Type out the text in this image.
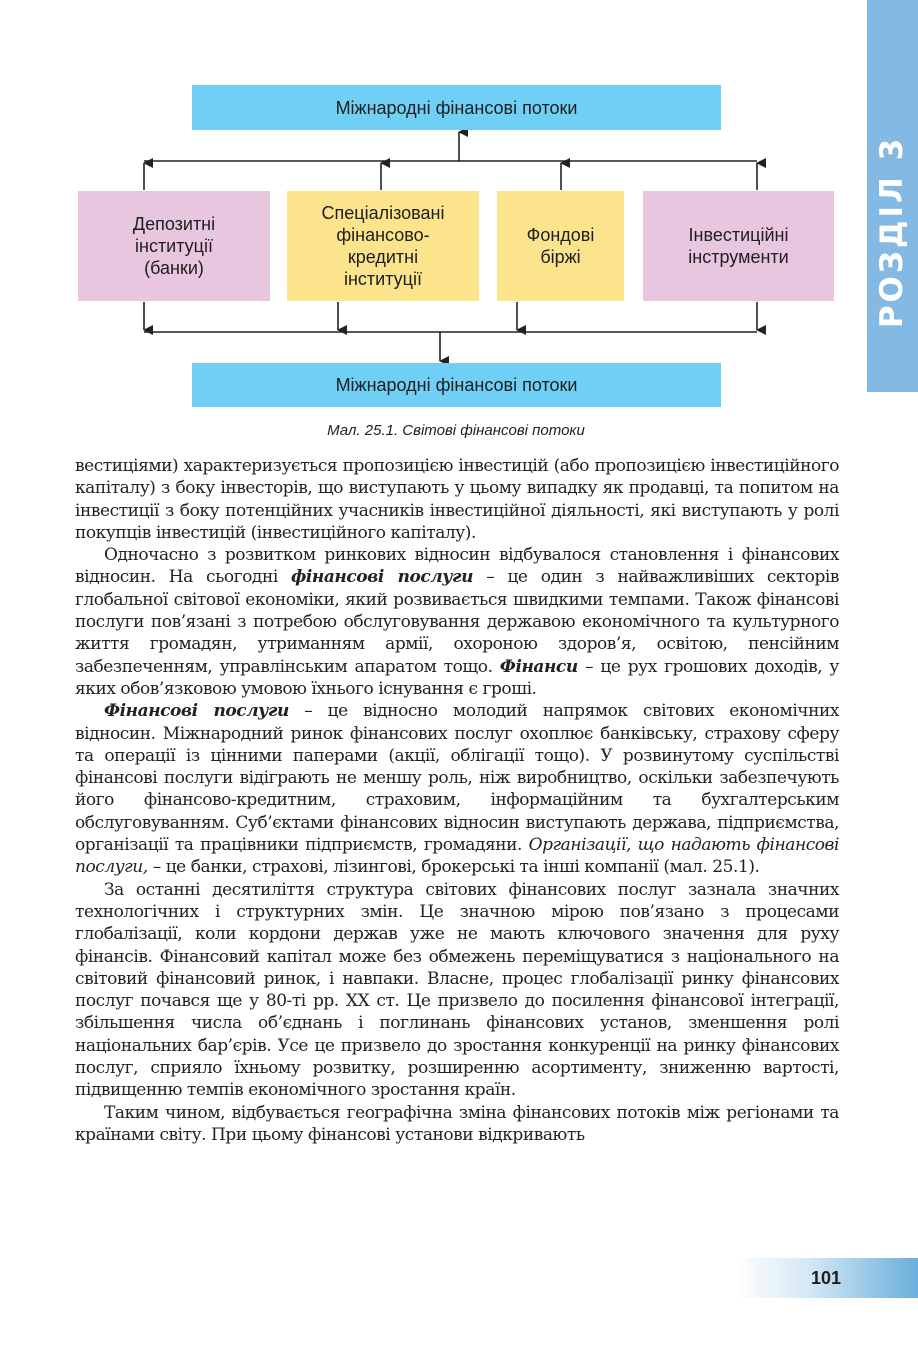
РОЗДІЛ 3
Міжнародні фінансові потоки
Депозитні
інституції
(банки)
Спеціалізовані
фінансово-
кредитні
інституції
Фондові
біржі
Інвестиційні
інструменти
Міжнародні фінансові потоки
Мал. 25.1. Світові фінансові потоки

вестиціями) характеризується пропозицією інвестицій (або пропозицією інвестиційного капіталу) з боку інвесторів, що виступають у цьому випадку як продавці, та попитом на інвестиції з боку потенційних учасників інвестиційної діяльності, які виступають у ролі покупців інвестицій (інвестиційного капіталу).

Одночасно з розвитком ринкових відносин відбувалося становлення і фінансових відносин. На сьогодні фінансові послуги – це один з найважливіших секторів глобальної світової економіки, який розвивається швидкими темпами. Також фінансові послуги пов’язані з потребою обслуговування державою економічного та культурного життя громадян, утриманням армії, охороною здоров’я, освітою, пенсійним забезпеченням, управлінським апаратом тощо. Фінанси – це рух грошових доходів, у яких обов’язковою умовою їхнього існування є гроші.

Фінансові послуги – це відносно молодий напрямок світових економічних відносин. Міжнародний ринок фінансових послуг охоплює банківську, страхову сферу та операції із цінними паперами (акції, облігації тощо). У розвинутому суспільстві фінансові послуги відіграють не меншу роль, ніж виробництво, оскільки забезпечують його фінансово-кредитним, страховим, інформаційним та бухгалтерським обслуговуванням. Суб’єктами фінансових відносин виступають держава, підприємства, організації та працівники підприємств, громадяни. Організації, що надають фінансові послуги, – це банки, страхові, лізингові, брокерські та інші компанії (мал. 25.1).

За останні десятиліття структура світових фінансових послуг зазнала значних технологічних і структурних змін. Це значною мірою пов’язано з процесами глобалізації, коли кордони держав уже не мають ключового значення для руху фінансів. Фінансовий капітал може без обмежень переміщуватися з національного на світовий фінансовий ринок, і навпаки. Власне, процес глобалізації ринку фінансових послуг почався ще у 80-ті рр. XX ст. Це призвело до посилення фінансової інтеграції, збільшення числа об’єднань і поглинань фінансових установ, зменшення ролі національних бар’єрів. Усе це призвело до зростання конкуренції на ринку фінансових послуг, сприяло їхньому розвитку, розширенню асортименту, зниженню вартості, підвищенню темпів економічного зростання країн.

Таким чином, відбувається географічна зміна фінансових потоків між регіонами та країнами світу. При цьому фінансові установи відкривають

101
